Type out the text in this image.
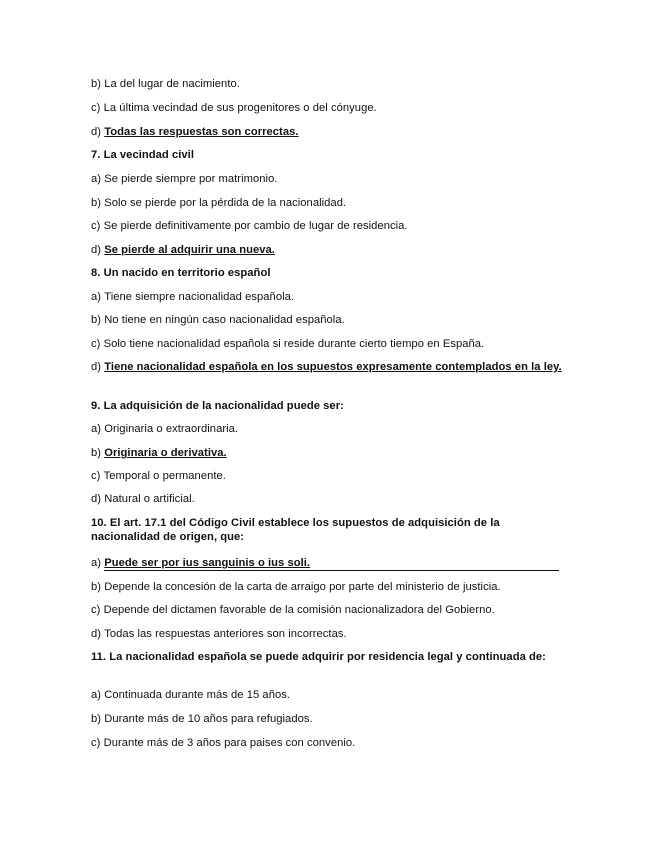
b)
La del lugar de nacimiento.
c)
La última vecindad de sus progenitores o del cónyuge.
d)
Todas las respuestas son correctas.
7. La vecindad civil
a)
Se pierde siempre por matrimonio.
b)
Solo se pierde por la pérdida de la nacionalidad.
c)
Se pierde definitivamente por cambio de lugar de residencia.
d)
Se pierde al adquirir una nueva.
8. Un nacido en territorio español
a)
Tiene siempre nacionalidad española.
b)
No tiene en ningún caso nacionalidad española.
c)
Solo tiene nacionalidad española si reside durante cierto tiempo en España.
d) Tiene nacionalidad española en los supuestos expresamente contemplados en la ley.
9. La adquisición de la nacionalidad puede ser:
a)
Originaria o extraordinaria.
b)
Originaria o derivativa.
c)
Temporal o permanente.
d)
Natural o artificial.
10. El art. 17.1 del Código Civil establece los supuestos de adquisición de la nacionalidad de origen, que:
a)
Puede ser por ius sanguinis o ius soli.
b)
Depende la concesión de la carta de arraigo por parte del ministerio de justicia.
c)
Depende del dictamen favorable de la comisión nacionalizadora del Gobierno.
d)
Todas las respuestas anteriores son incorrectas.
11. La nacionalidad española se puede adquirir por residencia legal y continuada de:
a)
Continuada durante más de 15 años.
b)
Durante más de 10 años para refugiados.
c)
Durante más de 3 años para paises con convenio.
